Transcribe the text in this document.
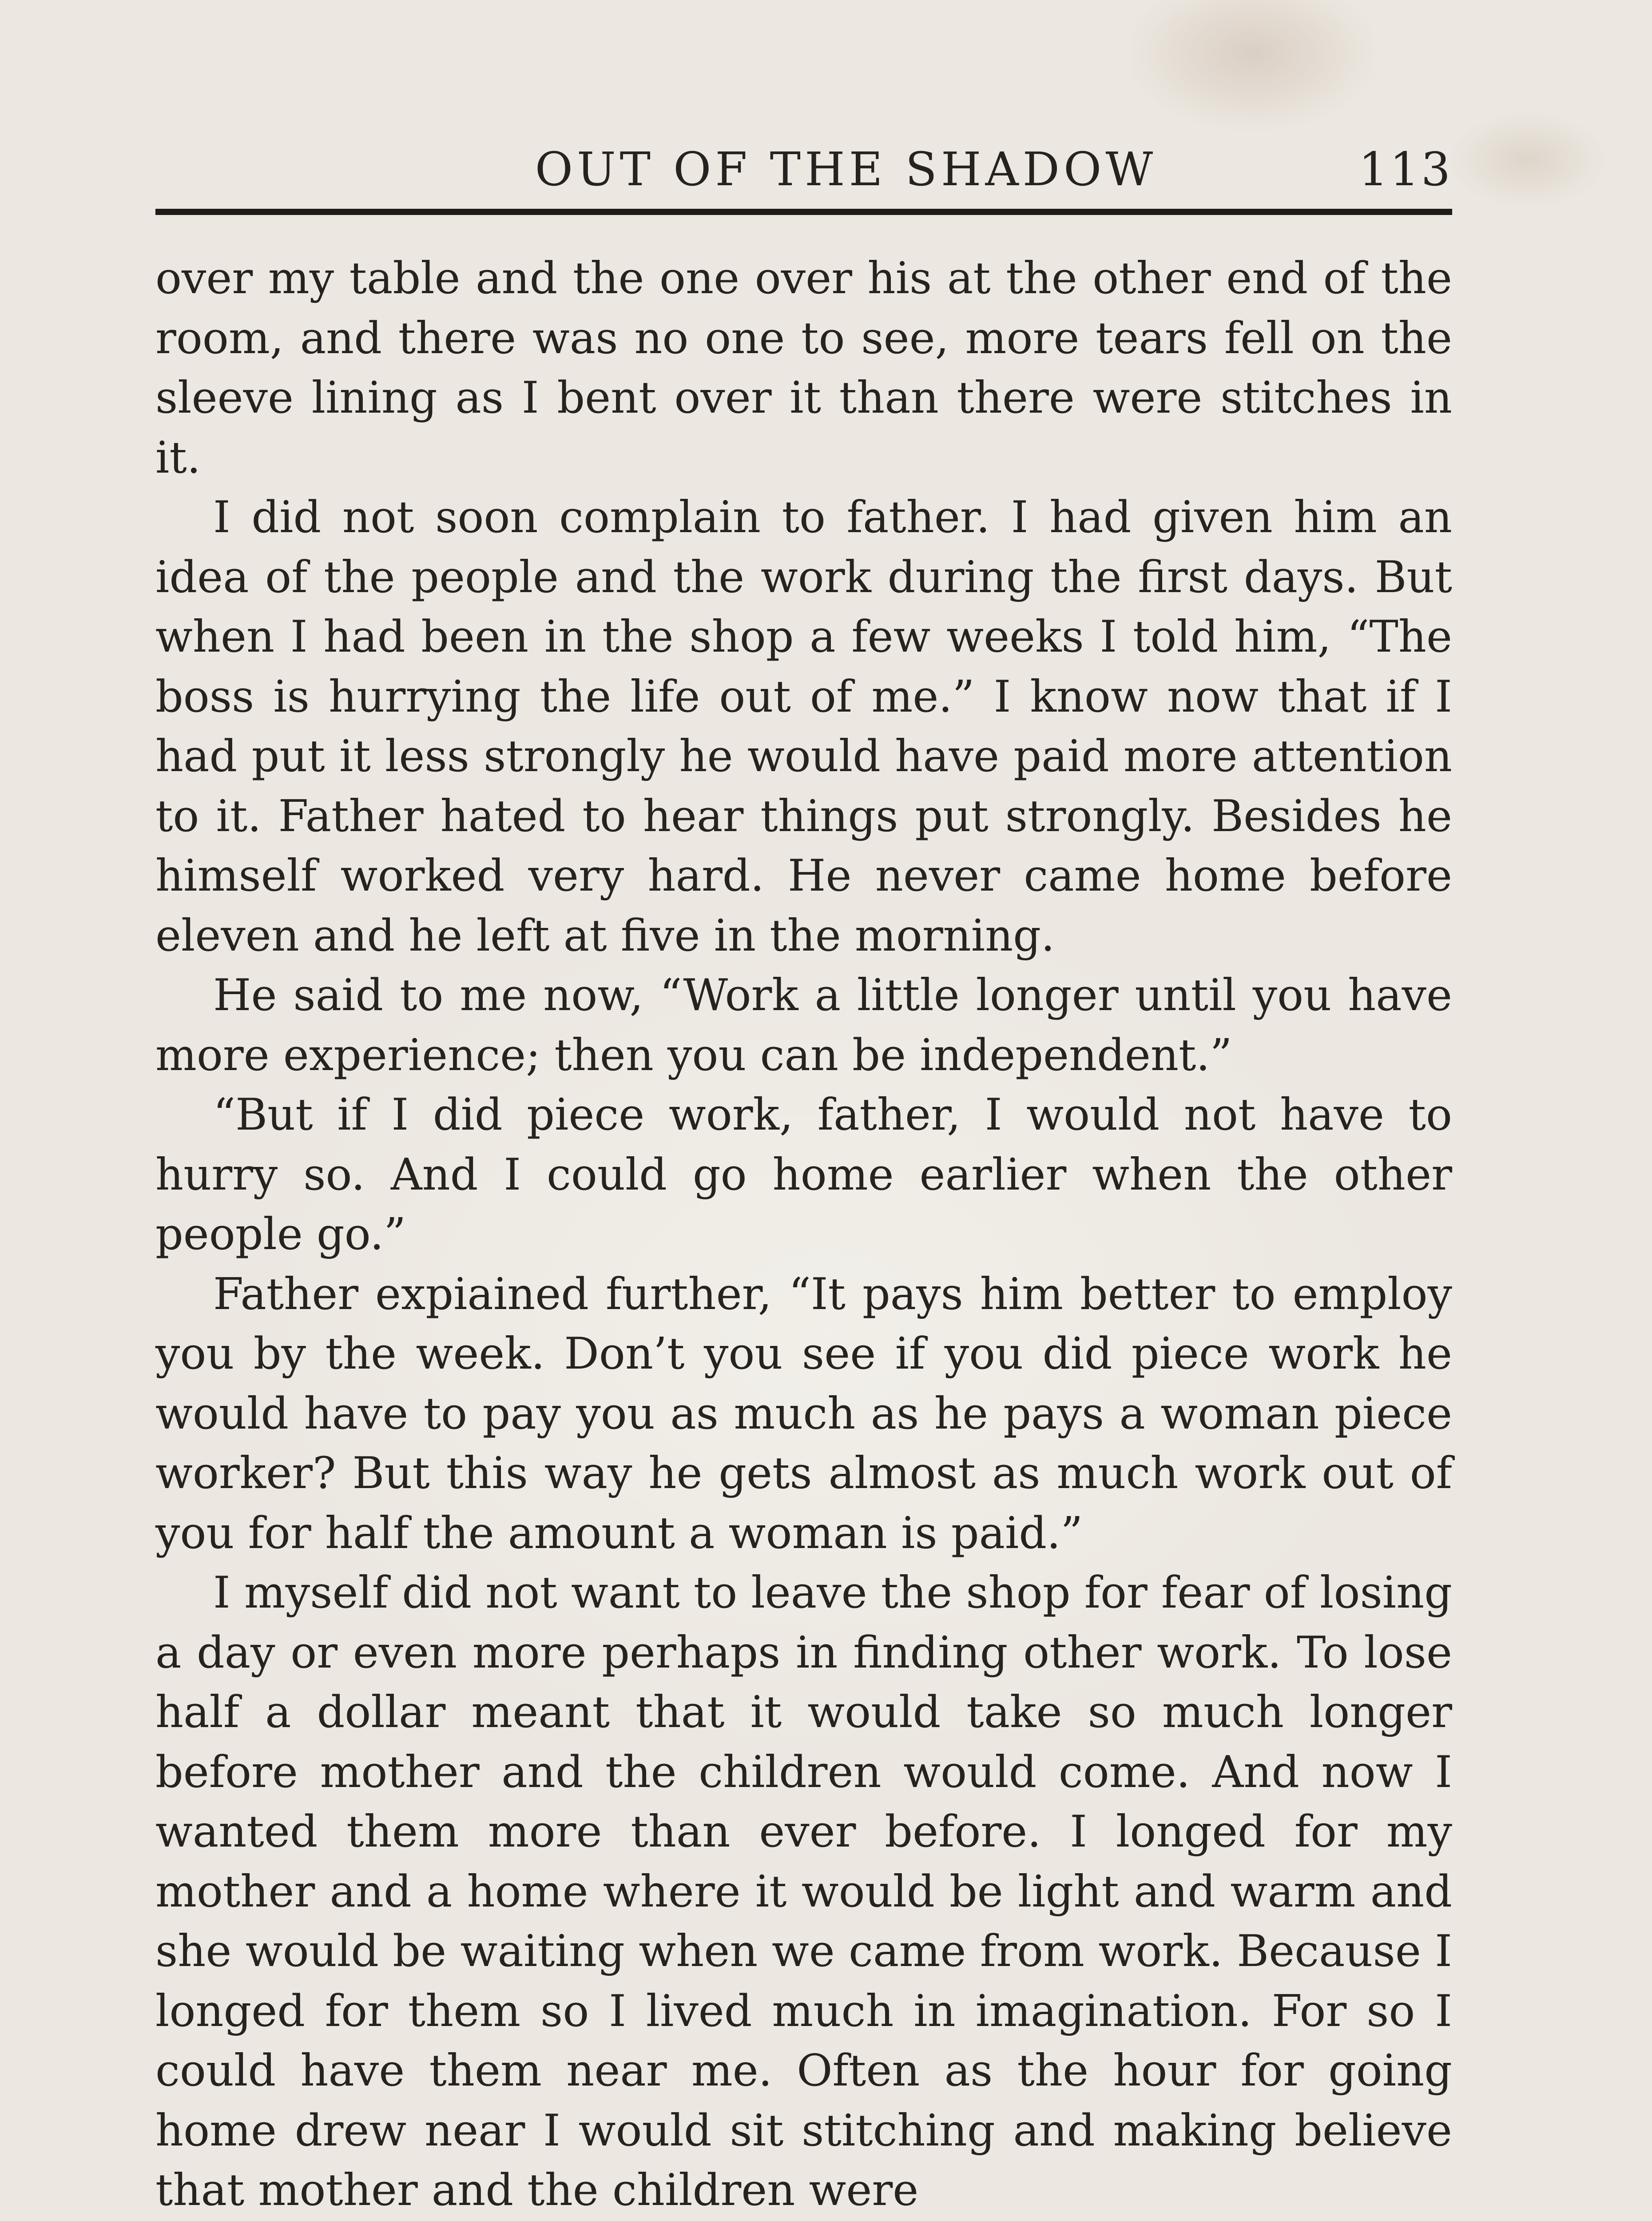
OUT OF THE SHADOW	113

over my table and the one over his at the other end of the room, and there was no one to see, more tears fell on the sleeve lining as I bent over it than there were stitches in it.

I did not soon complain to father. I had given him an idea of the people and the work during the first days. But when I had been in the shop a few weeks I told him, “The boss is hurrying the life out of me.” I know now that if I had put it less strongly he would have paid more attention to it. Father hated to hear things put strongly. Besides he himself worked very hard. He never came home before eleven and he left at five in the morning.

He said to me now, “Work a little longer until you have more experience; then you can be independent.”

“But if I did piece work, father, I would not have to hurry so. And I could go home earlier when the other people go.”

Father expiained further, “It pays him better to employ you by the week. Don’t you see if you did piece work he would have to pay you as much as he pays a woman piece worker? But this way he gets almost as much work out of you for half the amount a woman is paid.”

I myself did not want to leave the shop for fear of losing a day or even more perhaps in finding other work. To lose half a dollar meant that it would take so much longer before mother and the children would come. And now I wanted them more than ever before. I longed for my mother and a home where it would be light and warm and she would be waiting when we came from work. Because I longed for them so I lived much in imagination. For so I could have them near me. Often as the hour for going home drew near I would sit stitching and making believe that mother and the children were
